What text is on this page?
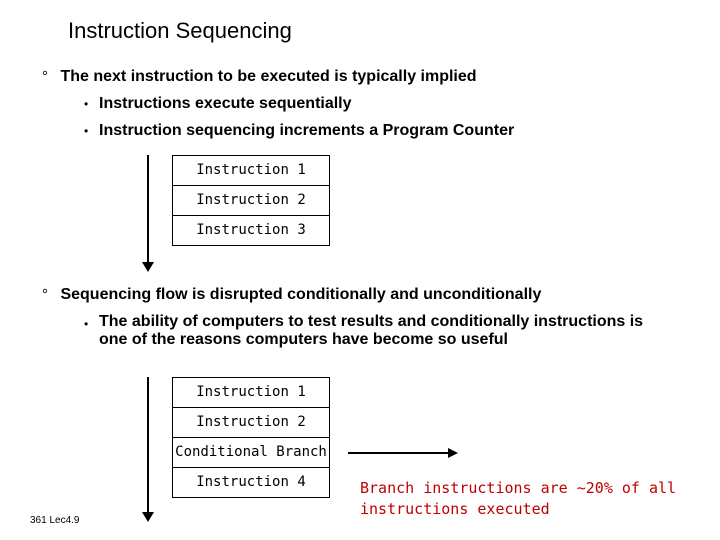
Instruction Sequencing
° The next instruction to be executed is typically implied
• Instructions execute sequentially
• Instruction sequencing increments a Program Counter
Instruction 1
Instruction 2
Instruction 3
° Sequencing flow is disrupted conditionally and unconditionally
• The ability of computers to test results and conditionally instructions is one of the reasons computers have become so useful
Instruction 1
Instruction 2
Conditional Branch
Instruction 4	Branch instructions are ~20% of all instructions executed
361 Lec4.9
